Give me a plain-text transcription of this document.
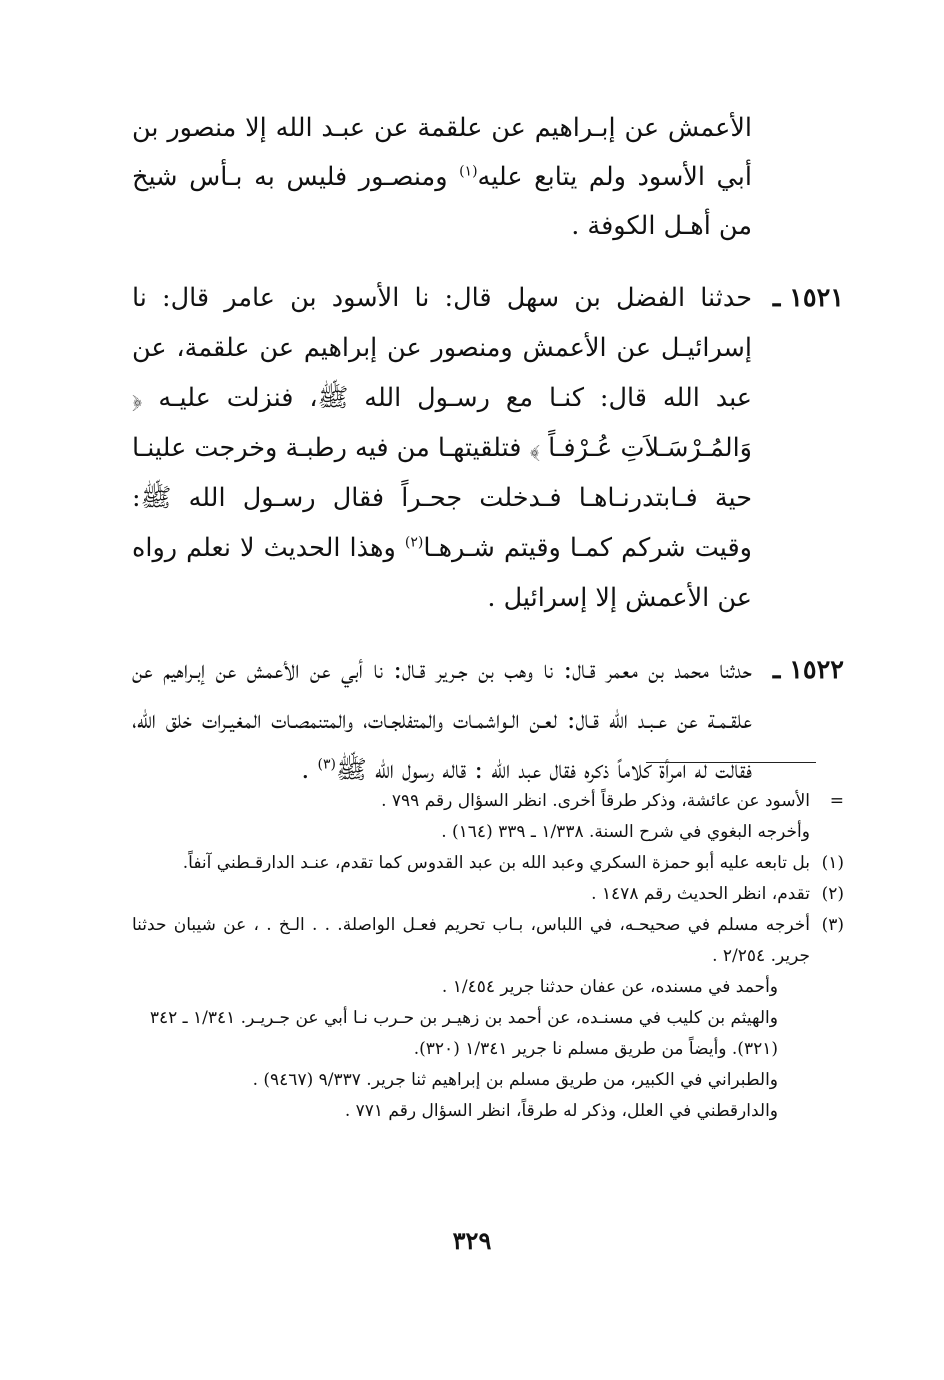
الأعمش عن إبـراهيم عن علقمة عن عبـد الله إلا منصور بن أبي الأسود ولم يتابع عليه$^{(١)}$ ومنصـور فليس به بـأس شيخ من أهـل الكوفة .
١٥٢١ ـ
حدثنا الفضل بن سهل قال: نا الأسود بن عامر قال: نا إسرائيـل عن الأعمش ومنصور عن إبراهيم عن علقمة، عن عبد الله قال: كنـا مع رسـول الله ﷺ، فنزلت عليـه ﴿ وَالمُـرْسَـلاَتِ عُـرْفـاً ﴾ فتلقيتهـا من فيه رطبـة وخرجت علينـا حية فـابتدرنـاهـا فـدخلت جحـراً فقال رسـول الله ﷺ: وقيت شركم كمـا وقيتم شـرهـا$^{(٢)}$ وهذا الحديث لا نعلم رواه عن الأعمش إلا إسرائيل .
١٥٢٢ ـ
حدثنا محمد بن معمر قـال: نا وهب بن جـرير قـال: نا أبي عن الأعمش عن إبـراهيم عن علقـمـة عن عـبـد الله قـال: لعـن الـواشمـات والمتفلجـات، والمتنمصـات المغيـرات خلق الله، فقالت له امرأة كلاماً ذكره فقال عبد الله : قاله رسول الله ﷺ$^{(٣)}$ .
=
الأسود عن عائشة، وذكر طرقاً أخرى. انظر السؤال رقم ٧٩٩ .
وأخرجه البغوي في شرح السنة. ١/٣٣٨ ـ ٣٣٩ (١٦٤) .
(١)
بل تابعه عليه أبو حمزة السكري وعبد الله بن عبد القدوس كما تقدم، عنـد الدارقـطني آنفاً.
(٢)
تقدم، انظر الحديث رقم ١٤٧٨ .
(٣)
أخرجه مسلم في صحيحـه، في اللباس، بـاب تحريم فعـل الواصلة. . . الـخ . ، عن شيبان حدثنا جرير. ٢/٢٥٤ .
وأحمد في مسنده، عن عفان حدثنا جرير ١/٤٥٤ .
والهيثم بن كليب في مسنـده، عن أحمد بن زهيـر بن حـرب نـا أبي عن جـريـر. ١/٣٤١ ـ ٣٤٢ (٣٢١). وأيضاً من طريق مسلم نا جرير ١/٣٤١ (٣٢٠).
والطبراني في الكبير، من طريق مسلم بن إبراهيم ثنا جرير. ٩/٣٣٧ (٩٤٦٧) .
والدارقطني في العلل، وذكر له طرقاً، انظر السؤال رقم ٧٧١ .
٣٢٩
